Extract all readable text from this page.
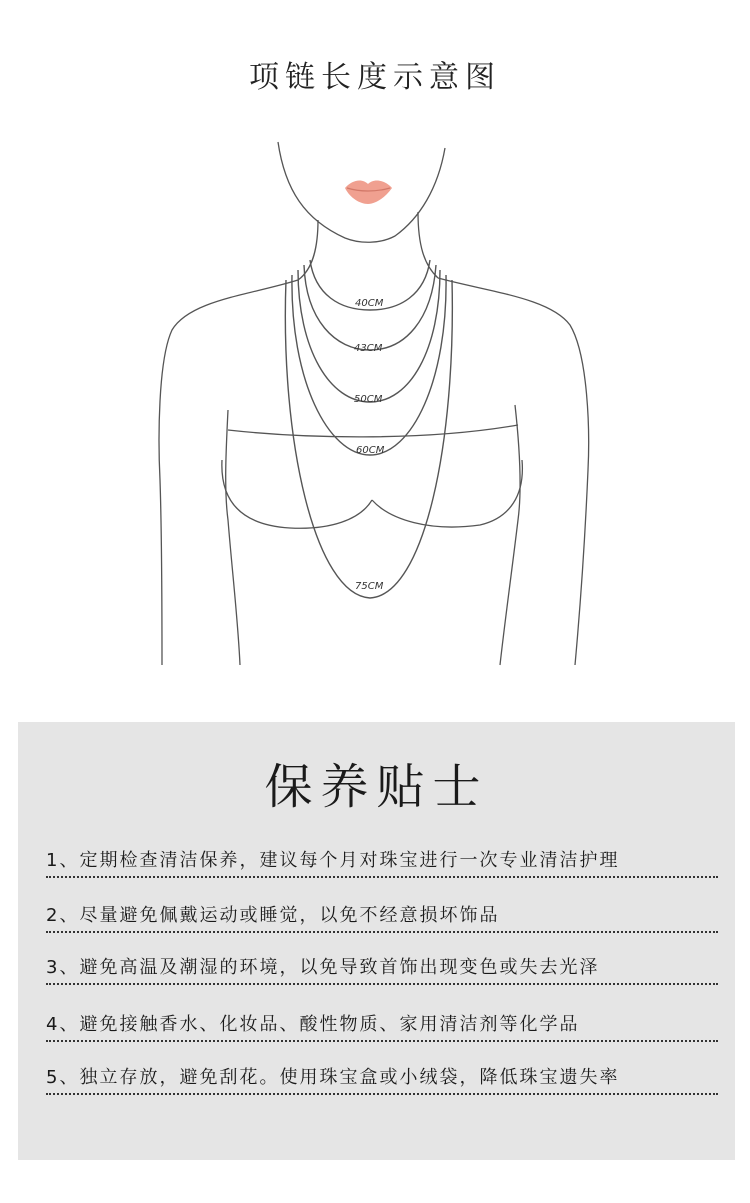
项链长度示意图
40CM
43CM
50CM
60CM
75CM
保养贴士
1、定期检查清洁保养，建议每个月对珠宝进行一次专业清洁护理
2、尽量避免佩戴运动或睡觉，以免不经意损坏饰品
3、避免高温及潮湿的环境，以免导致首饰出现变色或失去光泽
4、避免接触香水、化妆品、酸性物质、家用清洁剂等化学品
5、独立存放，避免刮花。使用珠宝盒或小绒袋，降低珠宝遗失率
